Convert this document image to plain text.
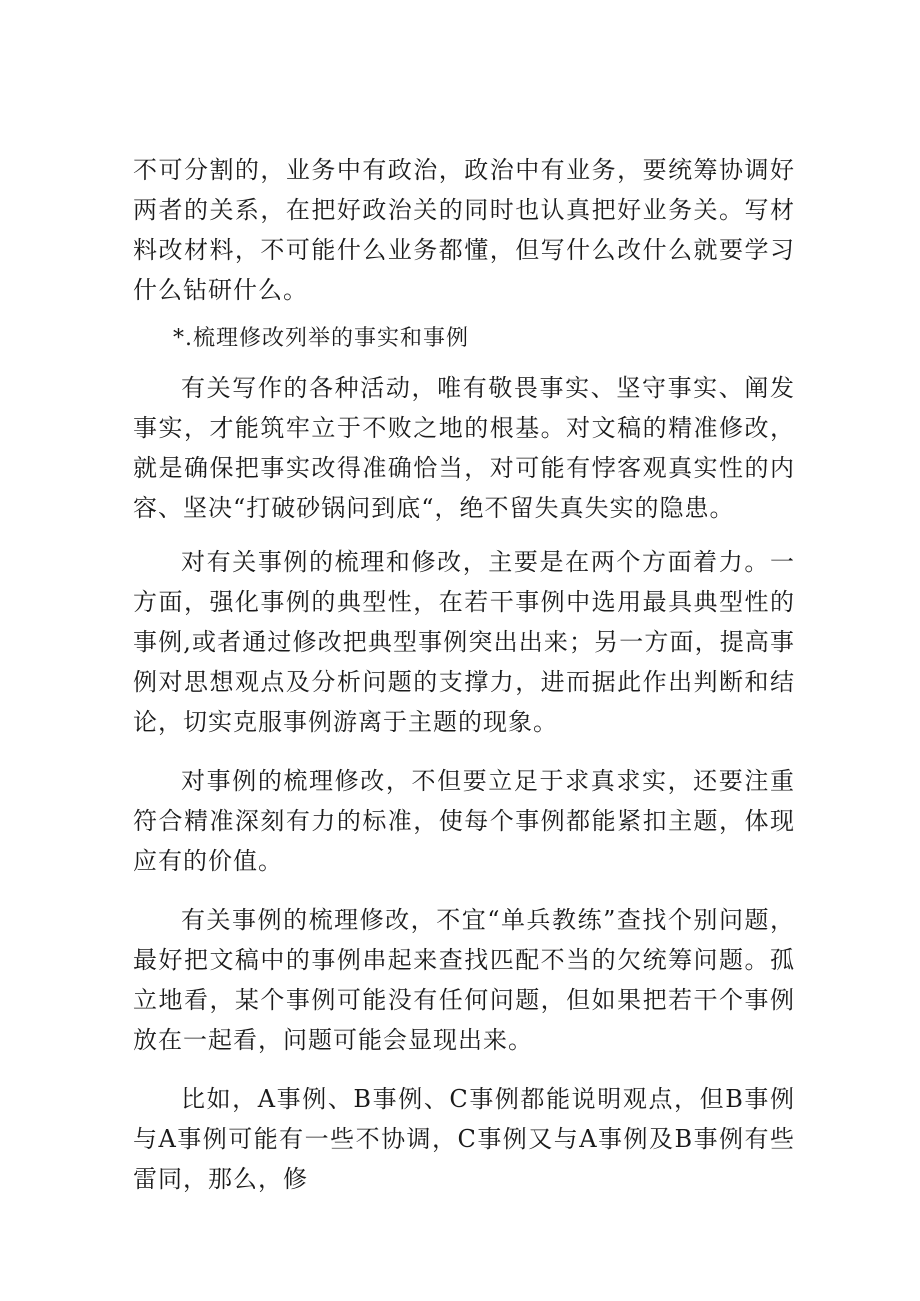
不可分割的，业务中有政治，政治中有业务，要统筹协调好两者的关系，在把好政治关的同时也认真把好业务关。写材料改材料，不可能什么业务都懂，但写什么改什么就要学习什么钻研什么。

*.梳理修改列举的事实和事例

有关写作的各种活动，唯有敬畏事实、坚守事实、阐发事实，才能筑牢立于不败之地的根基。对文稿的精准修改，就是确保把事实改得准确恰当，对可能有悖客观真实性的内容、坚决“打破砂锅问到底“，绝不留失真失实的隐患。

对有关事例的梳理和修改，主要是在两个方面着力。一方面，强化事例的典型性，在若干事例中选用最具典型性的事例,或者通过修改把典型事例突出出来；另一方面，提高事例对思想观点及分析问题的支撑力，进而据此作出判断和结论，切实克服事例游离于主题的现象。

对事例的梳理修改，不但要立足于求真求实，还要注重符合精准深刻有力的标准，使每个事例都能紧扣主题，体现应有的价值。

有关事例的梳理修改，不宜“单兵教练”查找个别问题，最好把文稿中的事例串起来查找匹配不当的欠统筹问题。孤立地看，某个事例可能没有任何问题，但如果把若干个事例放在一起看，问题可能会显现出来。

比如，A事例、B事例、C事例都能说明观点，但B事例与A事例可能有一些不协调，C事例又与A事例及B事例有些雷同，那么，修
